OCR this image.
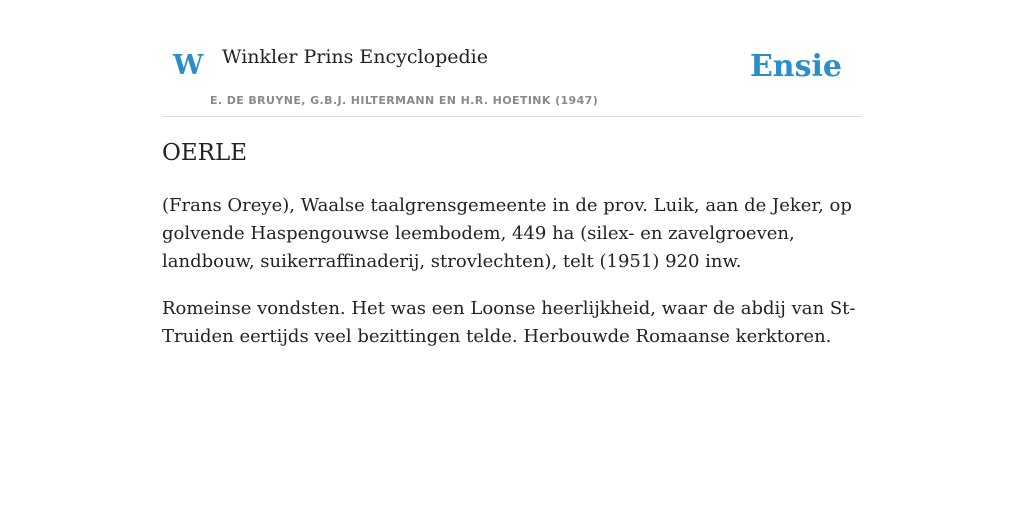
W Winkler Prins Encyclopedie
E. DE BRUYNE, G.B.J. HILTERMANN EN H.R. HOETINK (1947)
Ensie
OERLE

(Frans Oreye), Waalse taalgrensgemeente in de prov. Luik, aan de Jeker, op golvende Haspengouwse leembodem, 449 ha (silex- en zavelgroeven, landbouw, suikerraffinaderij, strovlechten), telt (1951) 920 inw.

Romeinse vondsten. Het was een Loonse heerlijkheid, waar de abdij van St-Truiden eertijds veel bezittingen telde. Herbouwde Romaanse kerktoren.
